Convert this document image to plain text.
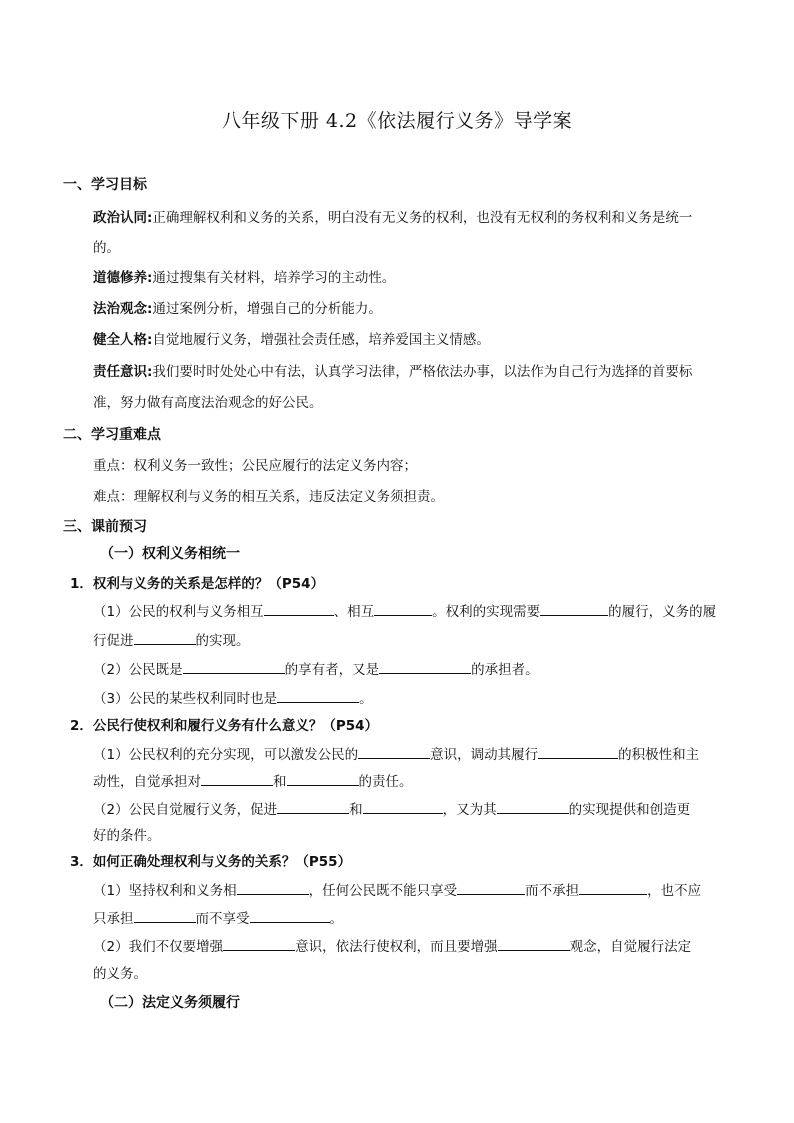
八年级下册 4.2《依法履行义务》导学案
一、学习目标
政治认同:正确理解权利和义务的关系，明白没有无义务的权利，也没有无权利的务权利和义务是统一
的。
道德修养:通过搜集有关材料，培养学习的主动性。
法治观念:通过案例分析，增强自己的分析能力。
健全人格:自觉地履行义务，增强社会责任感，培养爱国主义情感。
责任意识:我们要时时处处心中有法，认真学习法律，严格依法办事，以法作为自己行为选择的首要标
准，努力做有高度法治观念的好公民。
二、学习重难点
重点：权利义务一致性；公民应履行的法定义务内容；
难点：理解权利与义务的相互关系，违反法定义务须担责。
三、课前预习
（一）权利义务相统一
1．权利与义务的关系是怎样的？（P54）
（1）公民的权利与义务相互	、相互	。权利的实现需要	的履行，义务的履
行促进	的实现。
（2）公民既是	的享有者，又是	的承担者。
（3）公民的某些权利同时也是	。
2．公民行使权利和履行义务有什么意义？（P54）
（1）公民权利的充分实现，可以激发公民的	意识，调动其履行	的积极性和主
动性，自觉承担对	和	的责任。
（2）公民自觉履行义务，促进	和	，又为其	的实现提供和创造更
好的条件。
3．如何正确处理权利与义务的关系？（P55）
（1）坚持权利和义务相	，任何公民既不能只享受	而不承担	，也不应
只承担	而不享受	。
（2）我们不仅要增强	意识，依法行使权利，而且要增强	观念，自觉履行法定
的义务。
（二）法定义务须履行
